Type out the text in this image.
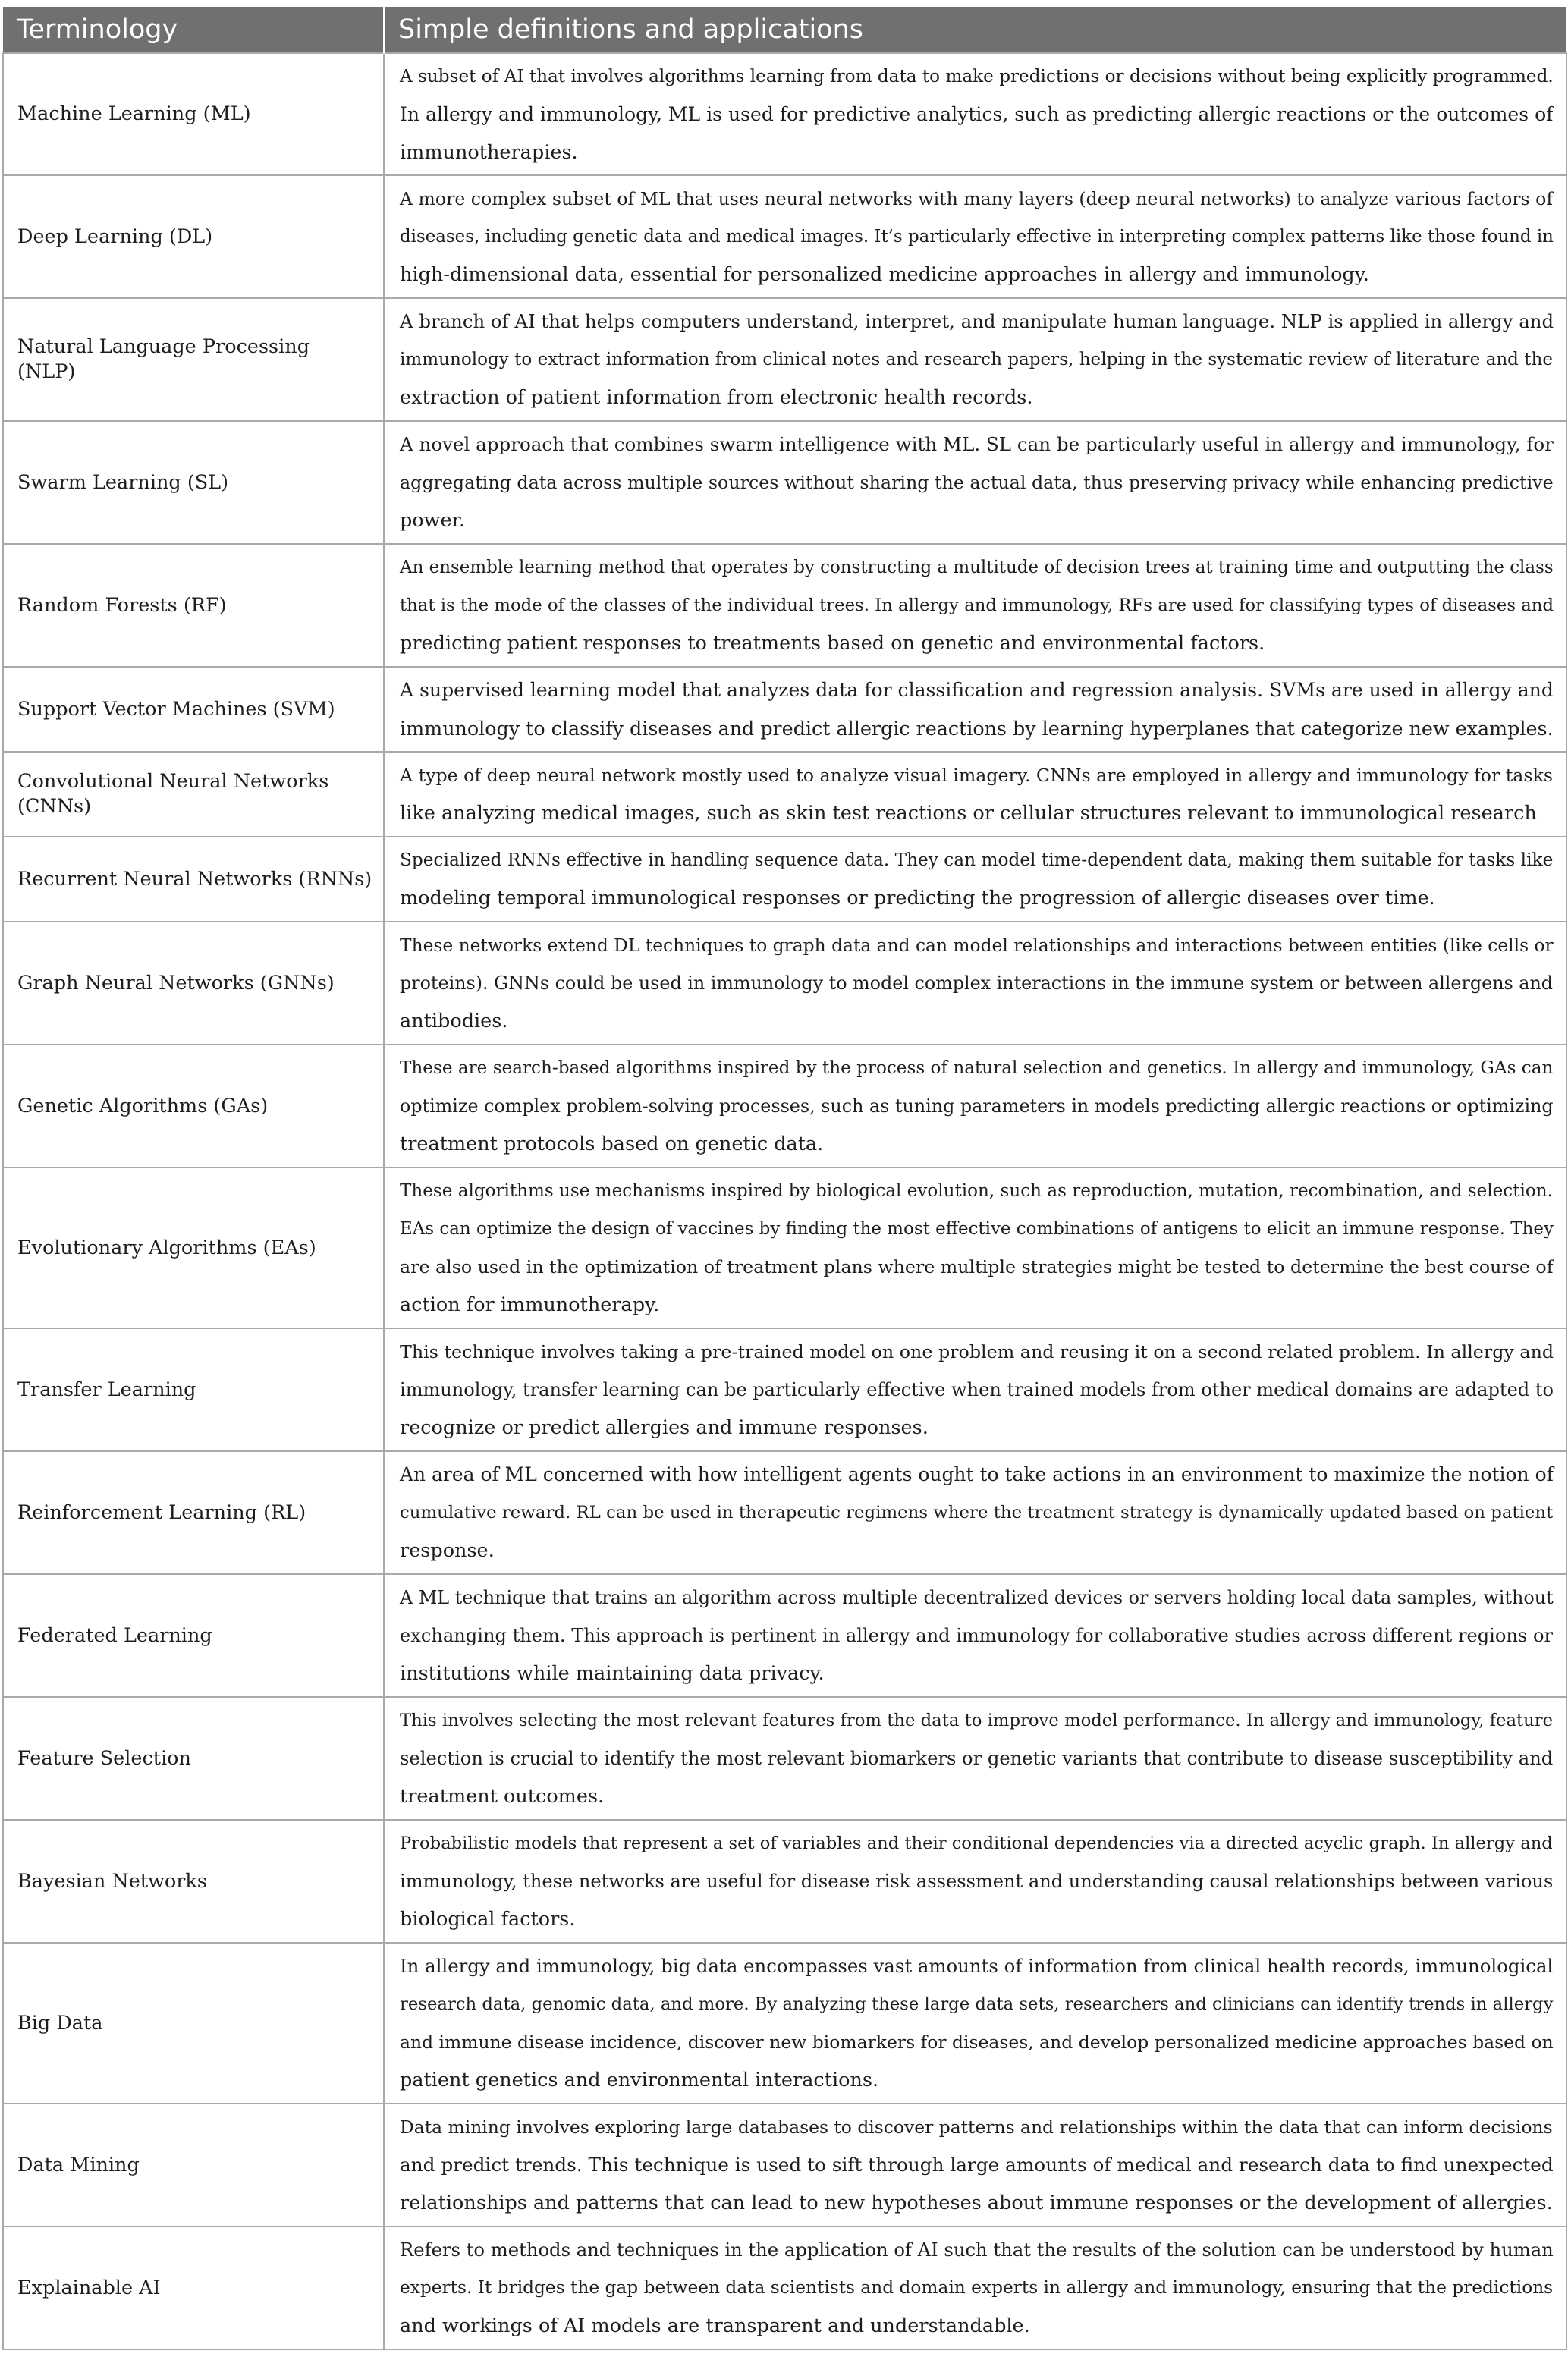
Terminology	Simple definitions and applications

Machine Learning (ML)	A subset of AI that involves algorithms learning from data to make predictions or decisions without being explicitly programmed.
In allergy and immunology, ML is used for predictive analytics, such as predicting allergic reactions or the outcomes of
immunotherapies.

Deep Learning (DL)	A more complex subset of ML that uses neural networks with many layers (deep neural networks) to analyze various factors of
diseases, including genetic data and medical images. It’s particularly effective in interpreting complex patterns like those found in
high-dimensional data, essential for personalized medicine approaches in allergy and immunology.

Natural Language Processing (NLP)	A branch of AI that helps computers understand, interpret, and manipulate human language. NLP is applied in allergy and
immunology to extract information from clinical notes and research papers, helping in the systematic review of literature and the
extraction of patient information from electronic health records.

Swarm Learning (SL)	A novel approach that combines swarm intelligence with ML. SL can be particularly useful in allergy and immunology, for
aggregating data across multiple sources without sharing the actual data, thus preserving privacy while enhancing predictive
power.

Random Forests (RF)	An ensemble learning method that operates by constructing a multitude of decision trees at training time and outputting the class
that is the mode of the classes of the individual trees. In allergy and immunology, RFs are used for classifying types of diseases and
predicting patient responses to treatments based on genetic and environmental factors.

Support Vector Machines (SVM)	A supervised learning model that analyzes data for classification and regression analysis. SVMs are used in allergy and
immunology to classify diseases and predict allergic reactions by learning hyperplanes that categorize new examples.

Convolutional Neural Networks
(CNNs)	A type of deep neural network mostly used to analyze visual imagery. CNNs are employed in allergy and immunology for tasks
like analyzing medical images, such as skin test reactions or cellular structures relevant to immunological research

Recurrent Neural Networks (RNNs)	Specialized RNNs effective in handling sequence data. They can model time-dependent data, making them suitable for tasks like
modeling temporal immunological responses or predicting the progression of allergic diseases over time.

Graph Neural Networks (GNNs)	These networks extend DL techniques to graph data and can model relationships and interactions between entities (like cells or
proteins). GNNs could be used in immunology to model complex interactions in the immune system or between allergens and
antibodies.

Genetic Algorithms (GAs)	These are search-based algorithms inspired by the process of natural selection and genetics. In allergy and immunology, GAs can
optimize complex problem-solving processes, such as tuning parameters in models predicting allergic reactions or optimizing
treatment protocols based on genetic data.

Evolutionary Algorithms (EAs)	These algorithms use mechanisms inspired by biological evolution, such as reproduction, mutation, recombination, and selection.
EAs can optimize the design of vaccines by finding the most effective combinations of antigens to elicit an immune response. They
are also used in the optimization of treatment plans where multiple strategies might be tested to determine the best course of
action for immunotherapy.

Transfer Learning	This technique involves taking a pre-trained model on one problem and reusing it on a second related problem. In allergy and
immunology, transfer learning can be particularly effective when trained models from other medical domains are adapted to
recognize or predict allergies and immune responses.

Reinforcement Learning (RL)	An area of ML concerned with how intelligent agents ought to take actions in an environment to maximize the notion of
cumulative reward. RL can be used in therapeutic regimens where the treatment strategy is dynamically updated based on patient
response.

Federated Learning	A ML technique that trains an algorithm across multiple decentralized devices or servers holding local data samples, without
exchanging them. This approach is pertinent in allergy and immunology for collaborative studies across different regions or
institutions while maintaining data privacy.

Feature Selection	This involves selecting the most relevant features from the data to improve model performance. In allergy and immunology, feature
selection is crucial to identify the most relevant biomarkers or genetic variants that contribute to disease susceptibility and
treatment outcomes.

Bayesian Networks	Probabilistic models that represent a set of variables and their conditional dependencies via a directed acyclic graph. In allergy and
immunology, these networks are useful for disease risk assessment and understanding causal relationships between various
biological factors.

Big Data	In allergy and immunology, big data encompasses vast amounts of information from clinical health records, immunological
research data, genomic data, and more. By analyzing these large data sets, researchers and clinicians can identify trends in allergy
and immune disease incidence, discover new biomarkers for diseases, and develop personalized medicine approaches based on
patient genetics and environmental interactions.

Data Mining	Data mining involves exploring large databases to discover patterns and relationships within the data that can inform decisions
and predict trends. This technique is used to sift through large amounts of medical and research data to find unexpected
relationships and patterns that can lead to new hypotheses about immune responses or the development of allergies.

Explainable AI	Refers to methods and techniques in the application of AI such that the results of the solution can be understood by human
experts. It bridges the gap between data scientists and domain experts in allergy and immunology, ensuring that the predictions
and workings of AI models are transparent and understandable.
